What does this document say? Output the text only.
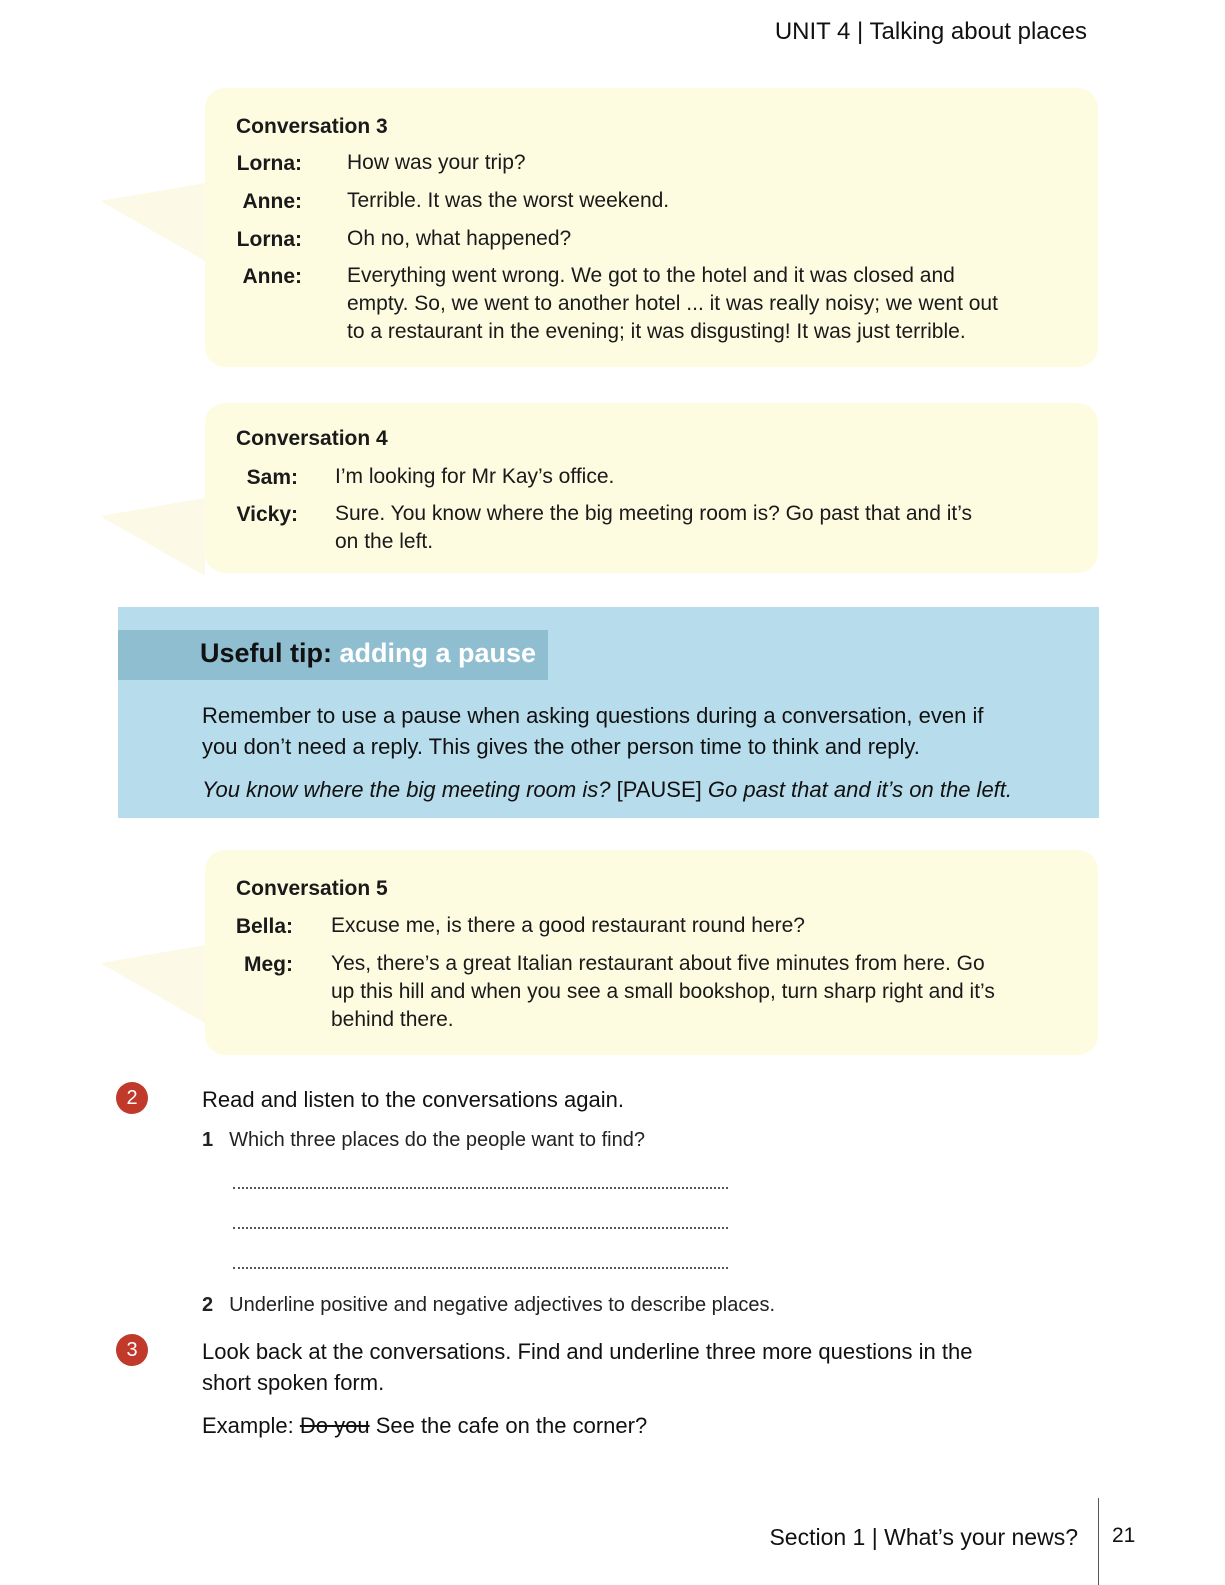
UNIT 4 | Talking about places
Conversation 3
Lorna: How was your trip?
Anne: Terrible. It was the worst weekend.
Lorna: Oh no, what happened?
Anne: Everything went wrong. We got to the hotel and it was closed and
empty. So, we went to another hotel ... it was really noisy; we went out
to a restaurant in the evening; it was disgusting! It was just terrible.
Conversation 4
Sam: I’m looking for Mr Kay’s office.
Vicky: Sure. You know where the big meeting room is? Go past that and it’s
on the left.
Useful tip: adding a pause
Remember to use a pause when asking questions during a conversation, even if
you don’t need a reply. This gives the other person time to think and reply.
You know where the big meeting room is? [PAUSE] Go past that and it’s on the left.
Conversation 5
Bella: Excuse me, is there a good restaurant round here?
Meg: Yes, there’s a great Italian restaurant about five minutes from here. Go
up this hill and when you see a small bookshop, turn sharp right and it’s
behind there.
2	Read and listen to the conversations again.
1 Which three places do the people want to find?
2 Underline positive and negative adjectives to describe places.
3	Look back at the conversations. Find and underline three more questions in the
short spoken form.
Example: Do you See the cafe on the corner?
Section 1 | What’s your news? 21
